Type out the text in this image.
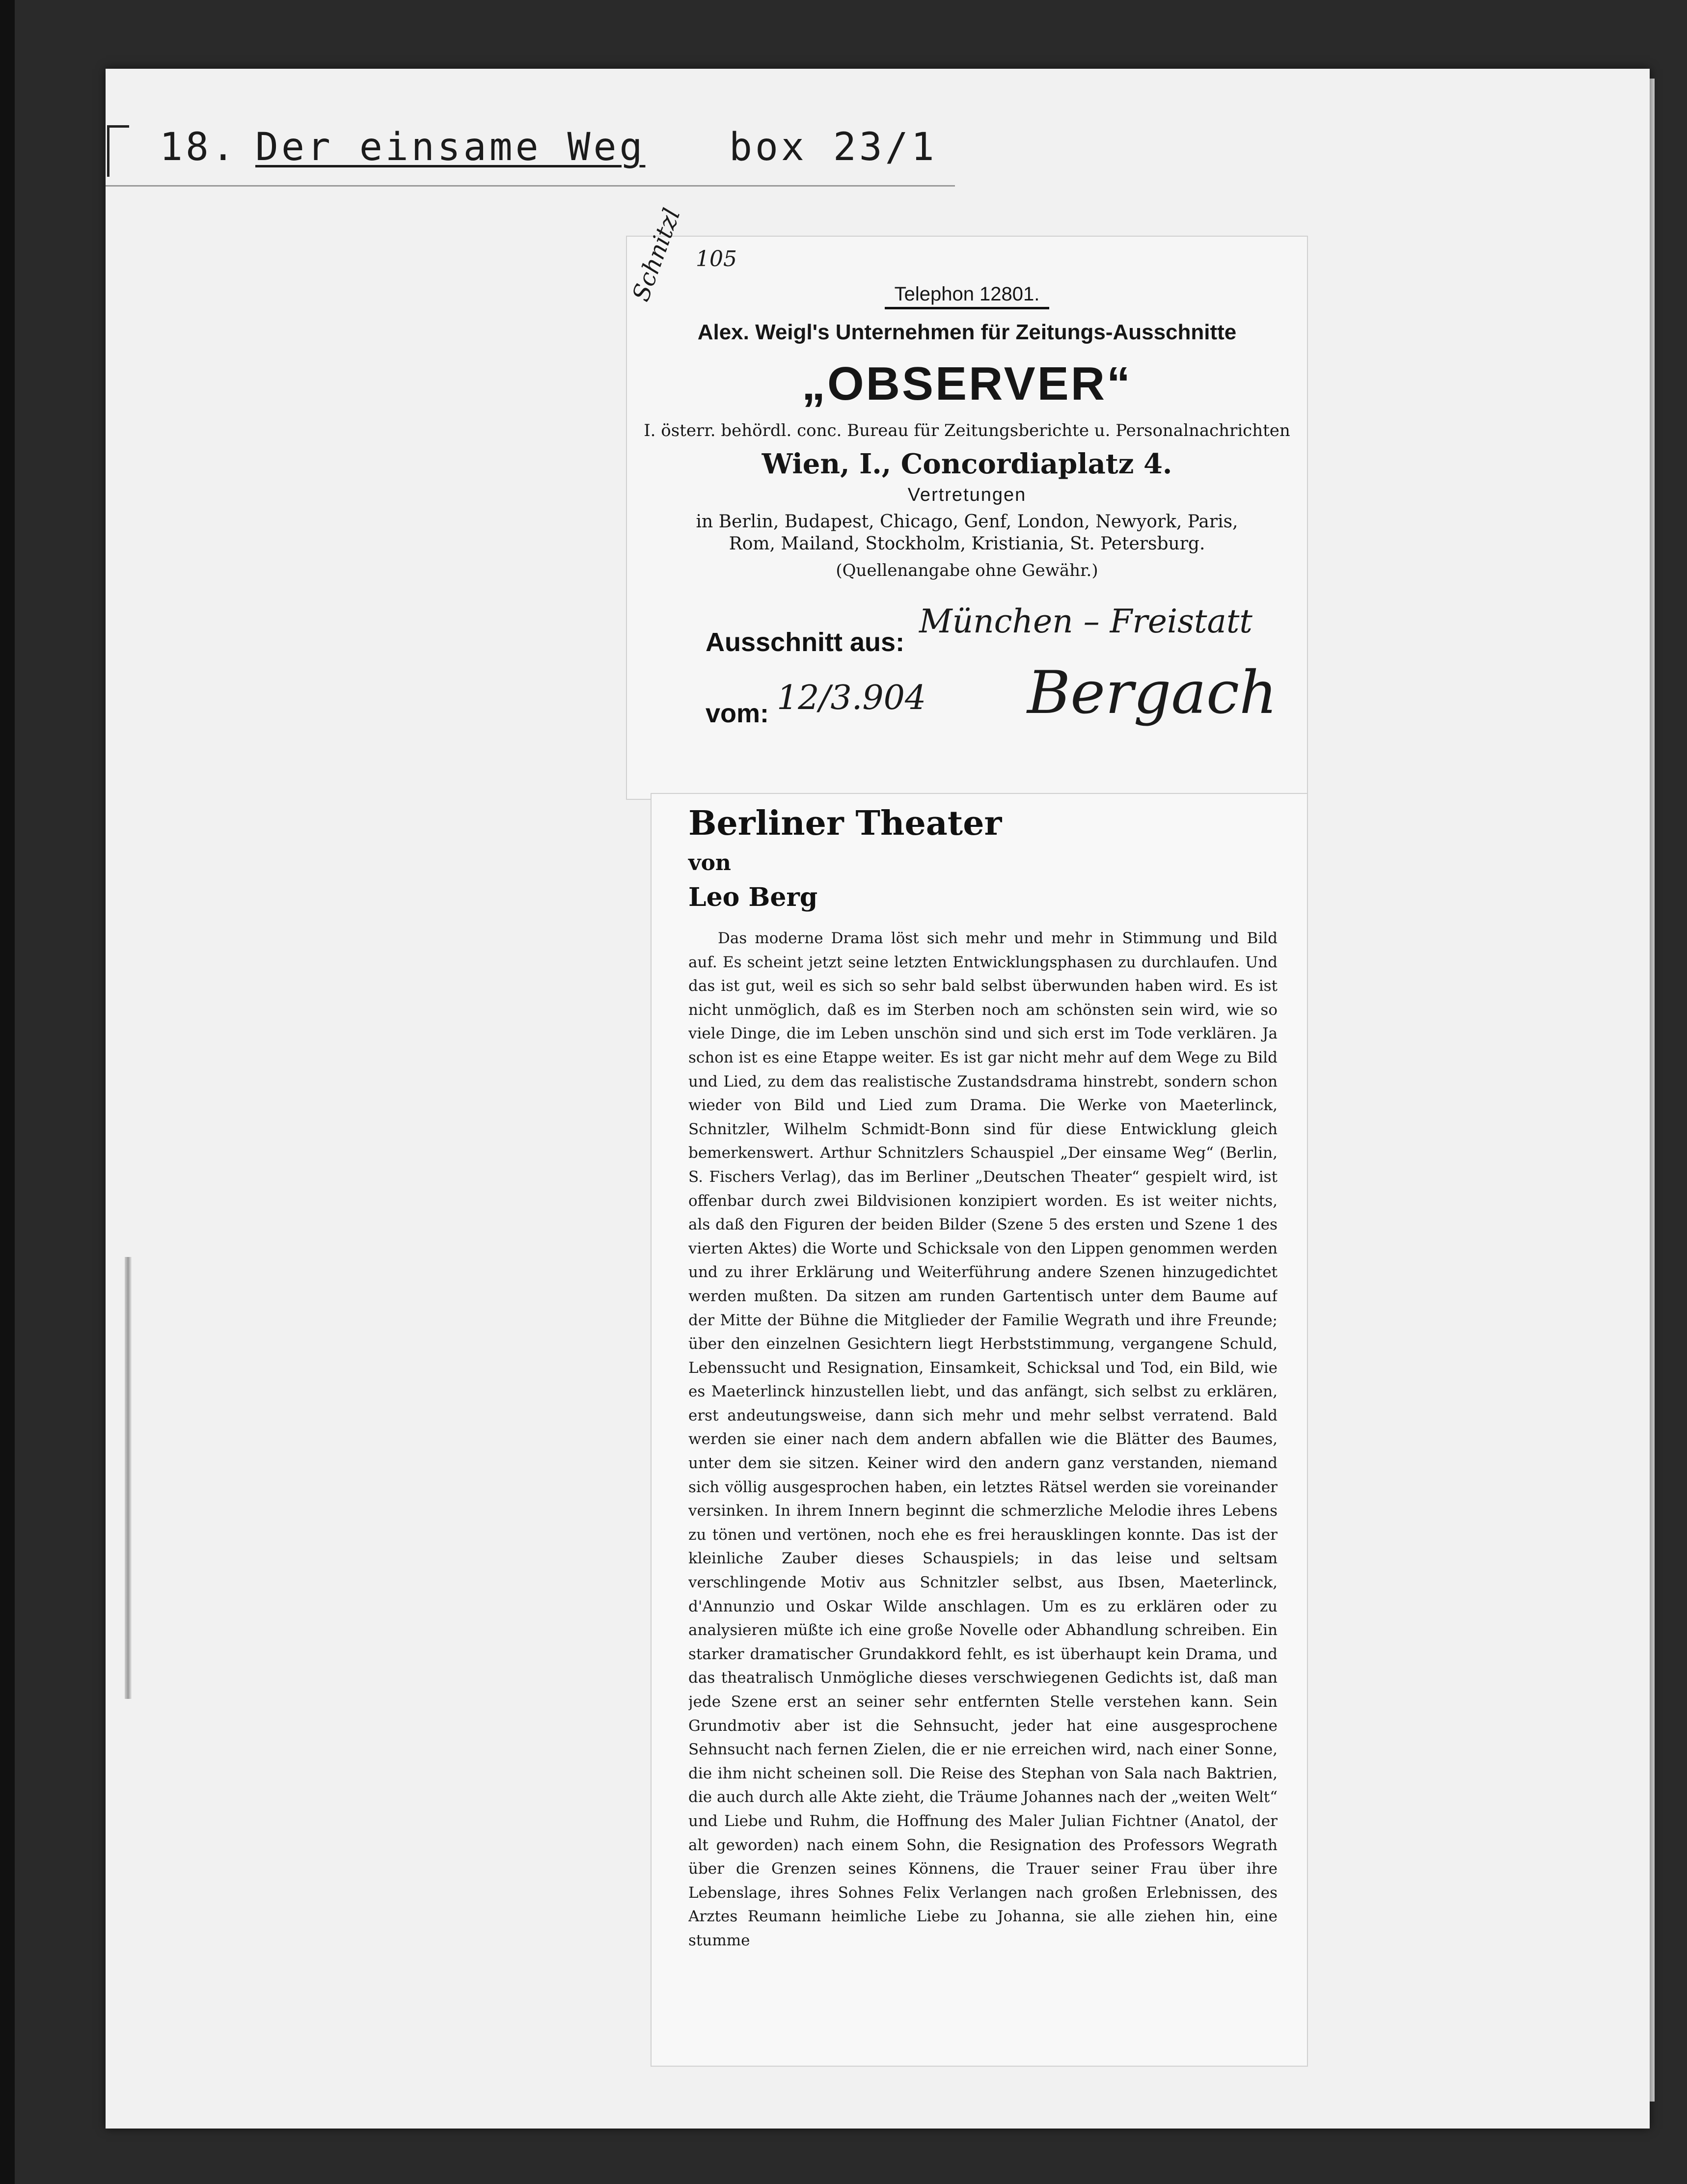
18. Der einsame Weg box 23/1
Schnitzl 105
Telephon 12801.
Alex. Weigl's Unternehmen für Zeitungs-Ausschnitte
„OBSERVER“
I. österr. behördl. conc. Bureau für Zeitungsberichte u. Personalnachrichten
Wien, I., Concordiaplatz 4.
Vertretungen
in Berlin, Budapest, Chicago, Genf, London, Newyork, Paris,
Rom, Mailand, Stockholm, Kristiania, St. Petersburg.
(Quellenangabe ohne Gewähr.)
Ausschnitt aus:
München – Freistatt
vom: 12/3.904 Bergach
Berliner Theater
von
Leo Berg
Das moderne Drama löst sich mehr und mehr in Stimmung und Bild auf. Es scheint jetzt seine letzten Entwicklungsphasen zu durchlaufen. Und das ist gut, weil es sich so sehr bald selbst überwunden haben wird. Es ist nicht unmöglich, daß es im Sterben noch am schönsten sein wird, wie so viele Dinge, die im Leben unschön sind und sich erst im Tode verklären. Ja schon ist es eine Etappe weiter. Es ist gar nicht mehr auf dem Wege zu Bild und Lied, zu dem das realistische Zustandsdrama hinstrebt, sondern schon wieder von Bild und Lied zum Drama. Die Werke von Maeterlinck, Schnitzler, Wilhelm Schmidt-Bonn sind für diese Entwicklung gleich bemerkenswert. Arthur Schnitzlers Schauspiel „Der einsame Weg“ (Berlin, S. Fischers Verlag), das im Berliner „Deutschen Theater“ gespielt wird, ist offenbar durch zwei Bildvisionen konzipiert worden. Es ist weiter nichts, als daß den Figuren der beiden Bilder (Szene 5 des ersten und Szene 1 des vierten Aktes) die Worte und Schicksale von den Lippen genommen werden und zu ihrer Erklärung und Weiterführung andere Szenen hinzugedichtet werden mußten. Da sitzen am runden Gartentisch unter dem Baume auf der Mitte der Bühne die Mitglieder der Familie Wegrath und ihre Freunde; über den einzelnen Gesichtern liegt Herbststimmung, vergangene Schuld, Lebenssucht und Resignation, Einsamkeit, Schicksal und Tod, ein Bild, wie es Maeterlinck hinzustellen liebt, und das anfängt, sich selbst zu erklären, erst andeutungsweise, dann sich mehr und mehr selbst verratend. Bald werden sie einer nach dem andern abfallen wie die Blätter des Baumes, unter dem sie sitzen. Keiner wird den andern ganz verstanden, niemand sich völlig ausgesprochen haben, ein letztes Rätsel werden sie voreinander versinken. In ihrem Innern beginnt die schmerzliche Melodie ihres Lebens zu tönen und vertönen, noch ehe es frei herausklingen konnte. Das ist der kleinliche Zauber dieses Schauspiels; in das leise und seltsam verschlingende Motiv aus Schnitzler selbst, aus Ibsen, Maeterlinck, d'Annunzio und Oskar Wilde anschlagen. Um es zu erklären oder zu analysieren müßte ich eine große Novelle oder Abhandlung schreiben. Ein starker dramatischer Grundakkord fehlt, es ist überhaupt kein Drama, und das theatralisch Unmögliche dieses verschwiegenen Gedichts ist, daß man jede Szene erst an seiner sehr entfernten Stelle verstehen kann. Sein Grundmotiv aber ist die Sehnsucht, jeder hat eine ausgesprochene Sehnsucht nach fernen Zielen, die er nie erreichen wird, nach einer Sonne, die ihm nicht scheinen soll. Die Reise des Stephan von Sala nach Baktrien, die auch durch alle Akte zieht, die Träume Johannes nach der „weiten Welt“ und Liebe und Ruhm, die Hoffnung des Maler Julian Fichtner (Anatol, der alt geworden) nach einem Sohn, die Resignation des Professors Wegrath über die Grenzen seines Könnens, die Trauer seiner Frau über ihre Lebenslage, ihres Sohnes Felix Verlangen nach großen Erlebnissen, des Arztes Reumann heimliche Liebe zu Johanna, sie alle ziehen hin, eine stumme
